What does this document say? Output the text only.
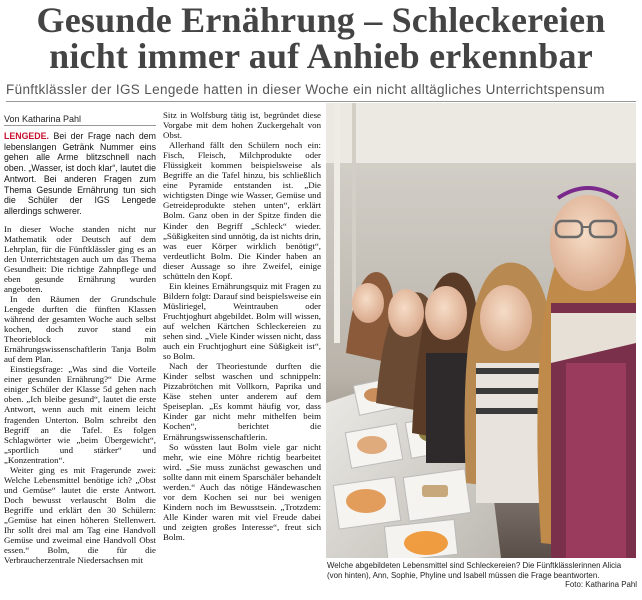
Gesunde Ernährung – Schleckereien
nicht immer auf Anhieb erkennbar
Fünftklässler der IGS Lengede hatten in dieser Woche ein nicht alltägliches Unterrichtspensum
Von Katharina Pahl

LENGEDE. Bei der Frage nach dem lebenslangen Getränk Nummer eins gehen alle Arme blitzschnell nach oben. „Wasser, ist doch klar“, lautet die Antwort. Bei anderen Fragen zum Thema Gesunde Ernährung tun sich die Schüler der IGS Lengede allerdings schwerer.

In dieser Woche standen nicht nur Mathematik oder Deutsch auf dem Lehrplan, für die Fünftklässler ging es an den Unterrichtstagen auch um das Thema Gesundheit: Die richtige Zahnpflege und eben gesunde Ernährung wurden angeboten.

In den Räumen der Grundschule Lengede durften die fünften Klassen während der gesamten Woche auch selbst kochen, doch zuvor stand ein Theorieblock mit Ernährungswissenschaftlerin Tanja Bolm auf dem Plan.

Einstiegsfrage: „Was sind die Vorteile einer gesunden Ernährung?“ Die Arme einiger Schüler der Klasse 5d gehen nach oben. „Ich bleibe gesund“, lautet die erste Antwort, wenn auch mit einem leicht fragenden Unterton. Bolm schreibt den Begriff an die Tafel. Es folgen Schlagwörter wie „beim Übergewicht“, „sportlich und stärker“ und „Konzentration“.

Weiter ging es mit Fragerunde zwei: Welche Lebensmittel benötige ich? „Obst und Gemüse“ lautet die erste Antwort. Doch bewusst verlauscht Bolm die Begriffe und erklärt den 30 Schülern: „Gemüse hat einen höheren Stellenwert. Ihr sollt drei mal am Tag eine Handvoll Gemüse und zweimal eine Handvoll Obst essen.“ Bolm, die für die Verbraucherzentrale Niedersachsen mit

Sitz in Wolfsburg tätig ist, begründet diese Vorgabe mit dem hohen Zuckergehalt von Obst.

Allerhand fällt den Schülern noch ein: Fisch, Fleisch, Milchprodukte oder Flüssigkeit kommen beispielsweise als Begriffe an die Tafel hinzu, bis schließlich eine Pyramide entstanden ist. „Die wichtigsten Dinge wie Wasser, Gemüse und Getreideprodukte stehen unten“, erklärt Bolm. Ganz oben in der Spitze finden die Kinder den Begriff „Schleck“ wieder. „Süßigkeiten sind unnötig, da ist nichts drin, was euer Körper wirklich benötigt“, verdeutlicht Bolm. Die Kinder haben an dieser Aussage so ihre Zweifel, einige schütteln den Kopf.

Ein kleines Ernährungsquiz mit Fragen zu Bildern folgt: Darauf sind beispielsweise ein Müsliriegel, Weintrauben oder Fruchtjoghurt abgebildet. Bolm will wissen, auf welchen Kärtchen Schleckereien zu sehen sind. „Viele Kinder wissen nicht, dass auch ein Fruchtjoghurt eine Süßigkeit ist“, so Bolm.

Nach der Theoriestunde durften die Kinder selbst waschen und schnippeln: Pizzabrötchen mit Vollkorn, Paprika und Käse stehen unter anderem auf dem Speiseplan. „Es kommt häufig vor, dass Kinder gar nicht mehr mithelfen beim Kochen“, berichtet die Ernährungswissenschaftlerin.

So wüssten laut Bolm viele gar nicht mehr, wie eine Möhre richtig bearbeitet wird. „Sie muss zunächst gewaschen und sollte dann mit einem Sparschäler behandelt werden.“ Auch das nötige Händewaschen vor dem Kochen sei nur bei wenigen Kindern noch im Bewusstsein. „Trotzdem: Alle Kinder waren mit viel Freude dabei und zeigten großes Interesse“, freut sich Bolm.

Welche abgebildeten Lebensmittel sind Schleckereien? Die Fünftklässlerinnen Alicia (von hinten), Ann, Sophie, Phyline und Isabell müssen die Frage beantworten.
Foto: Katharina Pahl
